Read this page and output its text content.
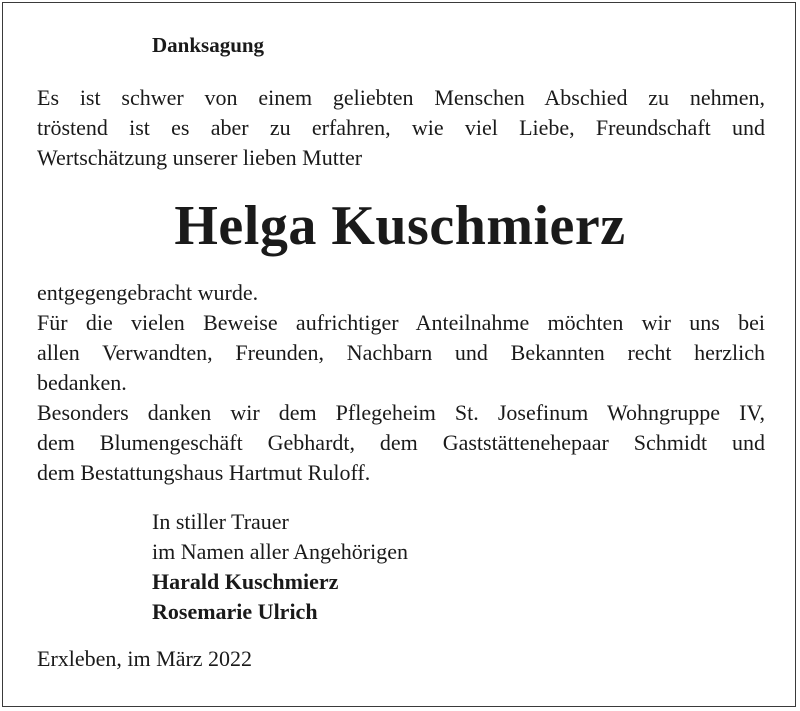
Danksagung
Es ist schwer von einem geliebten Menschen Abschied zu nehmen,
tröstend ist es aber zu erfahren, wie viel Liebe, Freundschaft und
Wertschätzung unserer lieben Mutter
Helga Kuschmierz
entgegengebracht wurde.
Für die vielen Beweise aufrichtiger Anteilnahme möchten wir uns bei
allen Verwandten, Freunden, Nachbarn und Bekannten recht herzlich
bedanken.
Besonders danken wir dem Pflegeheim St. Josefinum Wohngruppe IV,
dem Blumengeschäft Gebhardt, dem Gaststättenehepaar Schmidt und
dem Bestattungshaus Hartmut Ruloff.
In stiller Trauer
im Namen aller Angehörigen
Harald Kuschmierz
Rosemarie Ulrich
Erxleben, im März 2022
